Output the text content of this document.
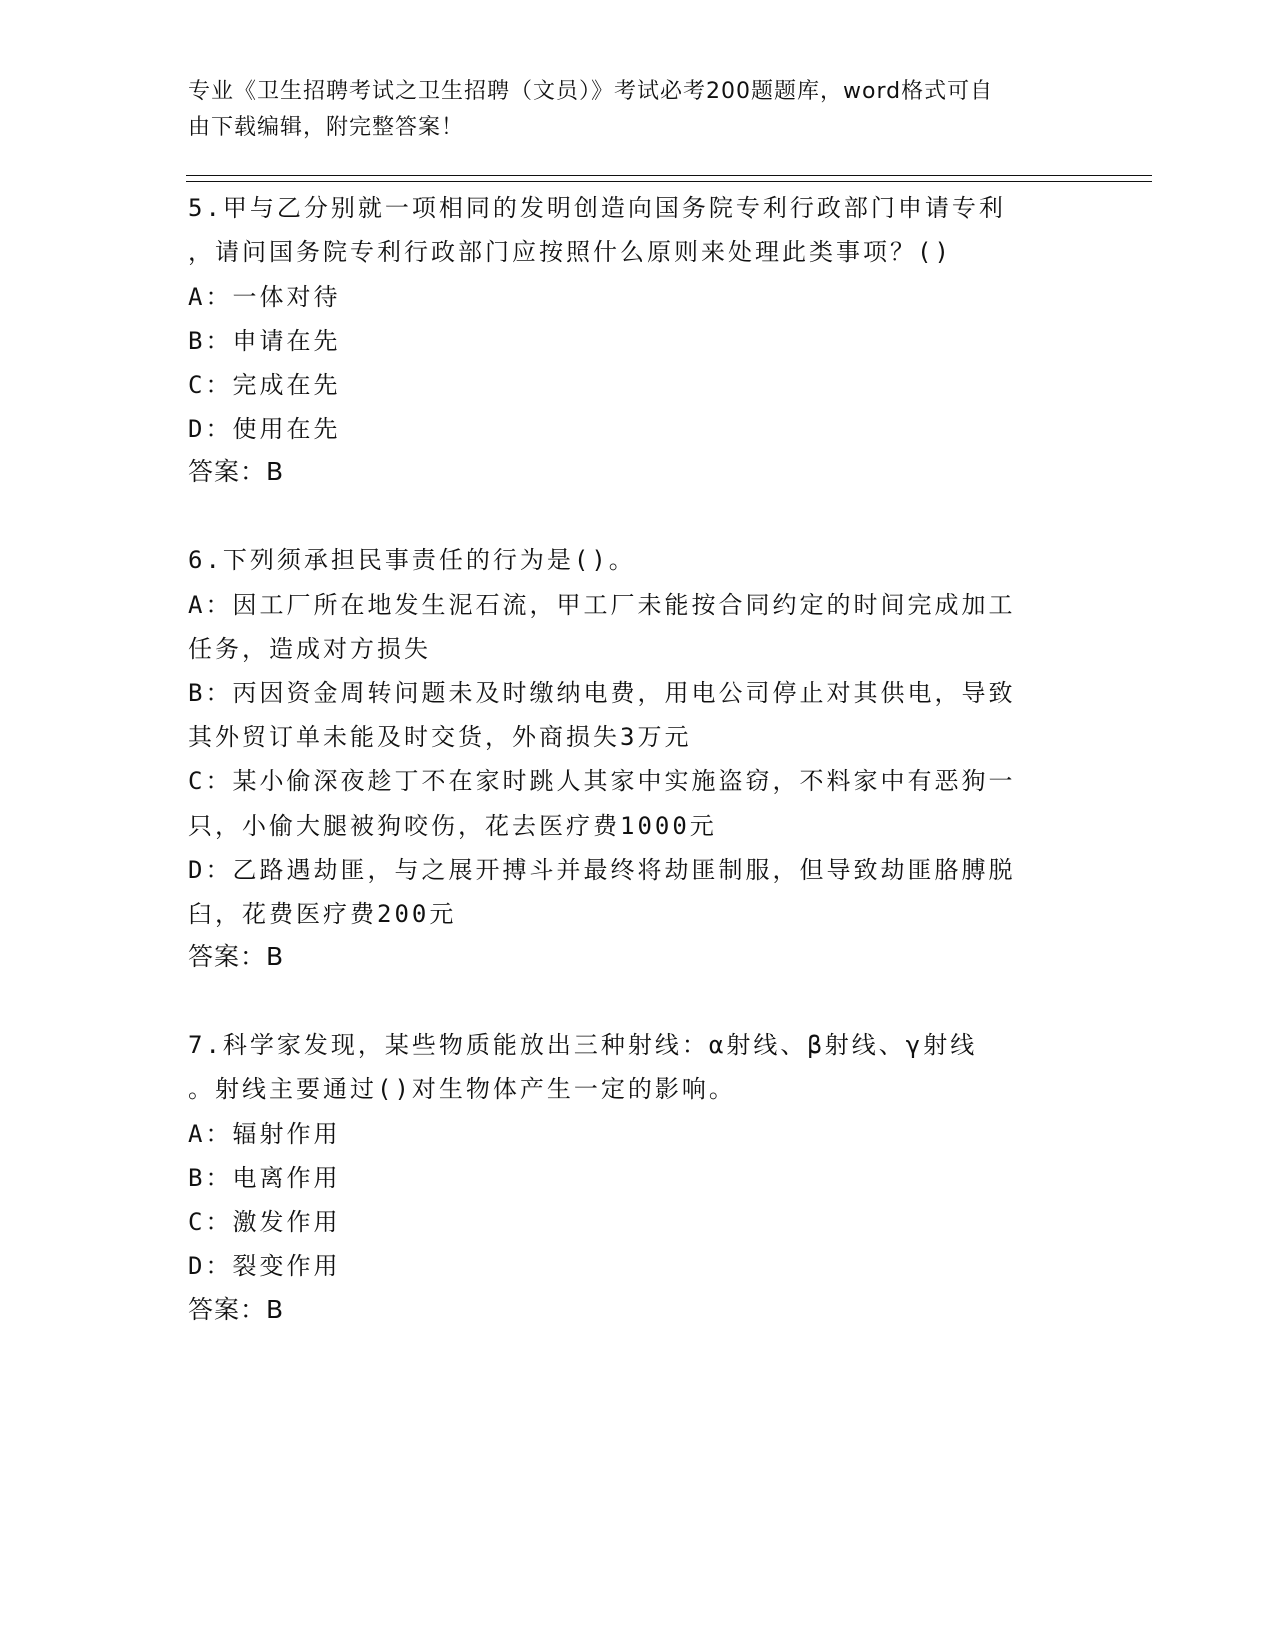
专业《卫生招聘考试之卫生招聘（文员）》考试必考200题题库，word格式可自
由下载编辑，附完整答案！
5.甲与乙分别就一项相同的发明创造向国务院专利行政部门申请专利
，请问国务院专利行政部门应按照什么原则来处理此类事项？()
A：一体对待
B：申请在先
C：完成在先
D：使用在先
答案：B
6.下列须承担民事责任的行为是()。
A：因工厂所在地发生泥石流，甲工厂未能按合同约定的时间完成加工
任务，造成对方损失
B：丙因资金周转问题未及时缴纳电费，用电公司停止对其供电，导致
其外贸订单未能及时交货，外商损失3万元
C：某小偷深夜趁丁不在家时跳人其家中实施盗窃，不料家中有恶狗一
只，小偷大腿被狗咬伤，花去医疗费1000元
D：乙路遇劫匪，与之展开搏斗并最终将劫匪制服，但导致劫匪胳膊脱
臼，花费医疗费200元
答案：B
7.科学家发现，某些物质能放出三种射线：α射线、β射线、γ射线
。射线主要通过()对生物体产生一定的影响。
A：辐射作用
B：电离作用
C：激发作用
D：裂变作用
答案：B
